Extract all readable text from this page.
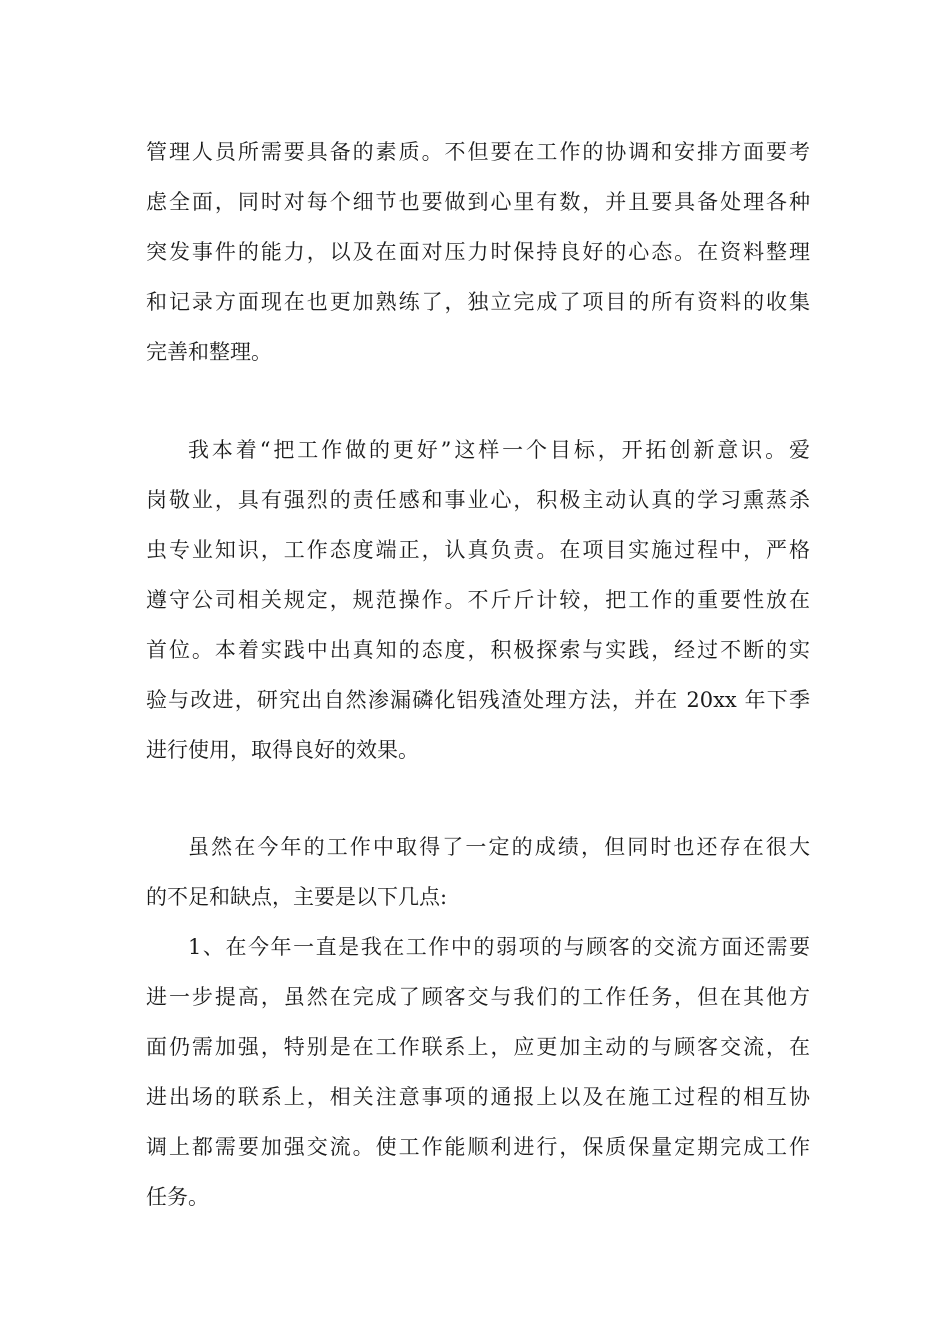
管理人员所需要具备的素质。不但要在工作的协调和安排方面要考
虑全面，同时对每个细节也要做到心里有数，并且要具备处理各种
突发事件的能力，以及在面对压力时保持良好的心态。在资料整理
和记录方面现在也更加熟练了，独立完成了项目的所有资料的收集
完善和整理。
我本着“把工作做的更好”这样一个目标，开拓创新意识。爱
岗敬业，具有强烈的责任感和事业心，积极主动认真的学习熏蒸杀
虫专业知识，工作态度端正，认真负责。在项目实施过程中，严格
遵守公司相关规定，规范操作。不斤斤计较，把工作的重要性放在
首位。本着实践中出真知的态度，积极探索与实践，经过不断的实
验与改进，研究出自然渗漏磷化铝残渣处理方法，并在 20xx 年下季
进行使用，取得良好的效果。
虽然在今年的工作中取得了一定的成绩，但同时也还存在很大
的不足和缺点，主要是以下几点:
1、在今年一直是我在工作中的弱项的与顾客的交流方面还需要
进一步提高，虽然在完成了顾客交与我们的工作任务，但在其他方
面仍需加强，特别是在工作联系上，应更加主动的与顾客交流，在
进出场的联系上，相关注意事项的通报上以及在施工过程的相互协
调上都需要加强交流。使工作能顺利进行，保质保量定期完成工作
任务。
